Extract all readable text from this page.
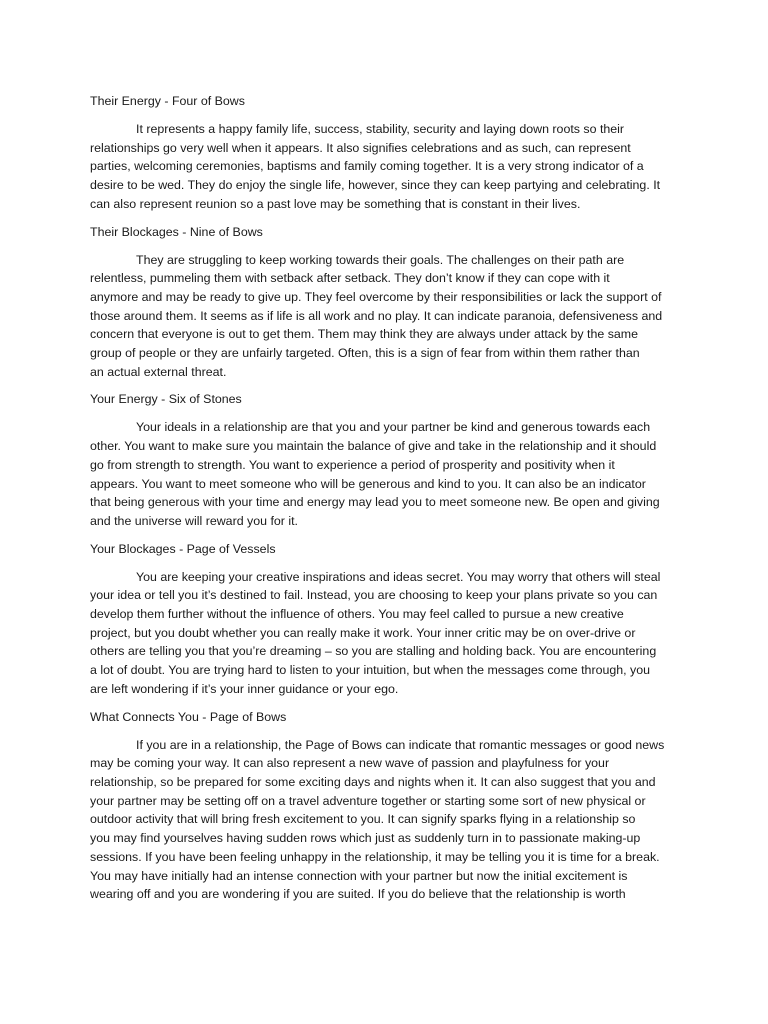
Their Energy - Four of Bows
It represents a happy family life, success, stability, security and laying down roots so their
relationships go very well when it appears. It also signifies celebrations and as such, can represent
parties, welcoming ceremonies, baptisms and family coming together. It is a very strong indicator of a
desire to be wed. They do enjoy the single life, however, since they can keep partying and celebrating. It
can also represent reunion so a past love may be something that is constant in their lives.
Their Blockages - Nine of Bows
They are struggling to keep working towards their goals. The challenges on their path are
relentless, pummeling them with setback after setback. They don’t know if they can cope with it
anymore and may be ready to give up. They feel overcome by their responsibilities or lack the support of
those around them. It seems as if life is all work and no play. It can indicate paranoia, defensiveness and
concern that everyone is out to get them. Them may think they are always under attack by the same
group of people or they are unfairly targeted. Often, this is a sign of fear from within them rather than
an actual external threat.
Your Energy - Six of Stones
Your ideals in a relationship are that you and your partner be kind and generous towards each
other. You want to make sure you maintain the balance of give and take in the relationship and it should
go from strength to strength. You want to experience a period of prosperity and positivity when it
appears. You want to meet someone who will be generous and kind to you. It can also be an indicator
that being generous with your time and energy may lead you to meet someone new. Be open and giving
and the universe will reward you for it.
Your Blockages - Page of Vessels
You are keeping your creative inspirations and ideas secret. You may worry that others will steal
your idea or tell you it’s destined to fail. Instead, you are choosing to keep your plans private so you can
develop them further without the influence of others. You may feel called to pursue a new creative
project, but you doubt whether you can really make it work. Your inner critic may be on over-drive or
others are telling you that you’re dreaming – so you are stalling and holding back. You are encountering
a lot of doubt. You are trying hard to listen to your intuition, but when the messages come through, you
are left wondering if it’s your inner guidance or your ego.
What Connects You - Page of Bows
If you are in a relationship, the Page of Bows can indicate that romantic messages or good news
may be coming your way. It can also represent a new wave of passion and playfulness for your
relationship, so be prepared for some exciting days and nights when it. It can also suggest that you and
your partner may be setting off on a travel adventure together or starting some sort of new physical or
outdoor activity that will bring fresh excitement to you. It can signify sparks flying in a relationship so
you may find yourselves having sudden rows which just as suddenly turn in to passionate making-up
sessions. If you have been feeling unhappy in the relationship, it may be telling you it is time for a break.
You may have initially had an intense connection with your partner but now the initial excitement is
wearing off and you are wondering if you are suited. If you do believe that the relationship is worth
